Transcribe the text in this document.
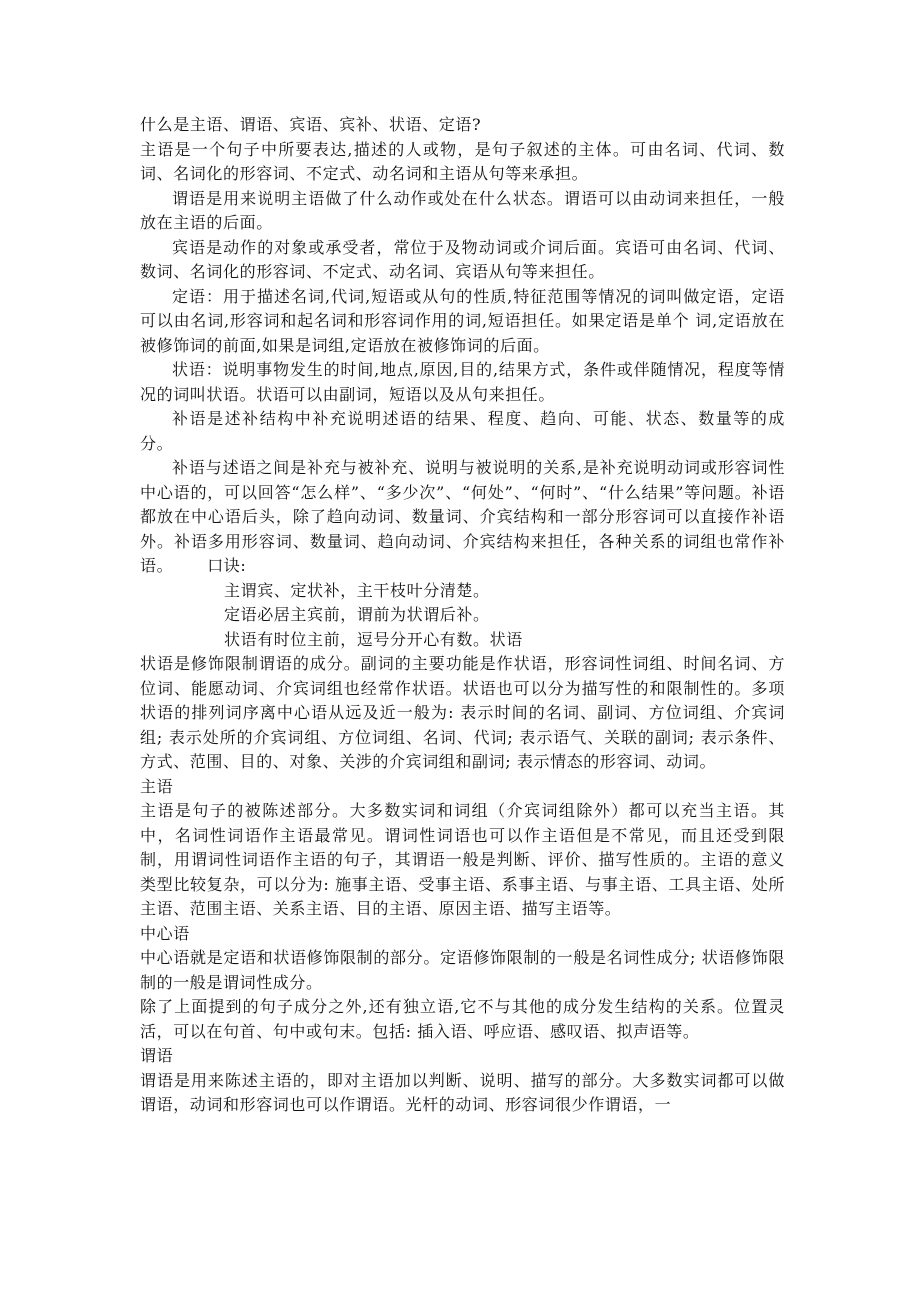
什么是主语、谓语、宾语、宾补、状语、定语?

主语是一个句子中所要表达,描述的人或物，是句子叙述的主体。可由名词、代词、数词、名词化的形容词、不定式、动名词和主语从句等来承担。

谓语是用来说明主语做了什么动作或处在什么状态。谓语可以由动词来担任，一般放在主语的后面。

宾语是动作的对象或承受者，常位于及物动词或介词后面。宾语可由名词、代词、数词、名词化的形容词、不定式、动名词、宾语从句等来担任。

定语：用于描述名词,代词,短语或从句的性质,特征范围等情况的词叫做定语，定语可以由名词,形容词和起名词和形容词作用的词,短语担任。如果定语是单个 词,定语放在被修饰词的前面,如果是词组,定语放在被修饰词的后面。

状语：说明事物发生的时间,地点,原因,目的,结果方式，条件或伴随情况，程度等情况的词叫状语。状语可以由副词，短语以及从句来担任。

补语是述补结构中补充说明述语的结果、程度、趋向、可能、状态、数量等的成分。

补语与述语之间是补充与被补充、说明与被说明的关系,是补充说明动词或形容词性中心语的，可以回答“怎么样”、“多少次”、“何处”、“何时”、“什么结果”等问题。补语都放在中心语后头，除了趋向动词、数量词、介宾结构和一部分形容词可以直接作补语外。补语多用形容词、数量词、趋向动词、介宾结构来担任，各种关系的词组也常作补语。 口诀:

主谓宾、定状补，主干枝叶分清楚。

定语必居主宾前，谓前为状谓后补。

状语有时位主前，逗号分开心有数。状语

状语是修饰限制谓语的成分。副词的主要功能是作状语，形容词性词组、时间名词、方位词、能愿动词、介宾词组也经常作状语。状语也可以分为描写性的和限制性的。多项状语的排列词序离中心语从远及近一般为: 表示时间的名词、副词、方位词组、介宾词组; 表示处所的介宾词组、方位词组、名词、代词; 表示语气、关联的副词; 表示条件、方式、范围、目的、对象、关涉的介宾词组和副词; 表示情态的形容词、动词。

主语

主语是句子的被陈述部分。大多数实词和词组（介宾词组除外）都可以充当主语。其中，名词性词语作主语最常见。谓词性词语也可以作主语但是不常见，而且还受到限制，用谓词性词语作主语的句子，其谓语一般是判断、评价、描写性质的。主语的意义类型比较复杂，可以分为: 施事主语、受事主语、系事主语、与事主语、工具主语、处所主语、范围主语、关系主语、目的主语、原因主语、描写主语等。

中心语

中心语就是定语和状语修饰限制的部分。定语修饰限制的一般是名词性成分; 状语修饰限制的一般是谓词性成分。

除了上面提到的句子成分之外,还有独立语,它不与其他的成分发生结构的关系。位置灵活，可以在句首、句中或句末。包括: 插入语、呼应语、感叹语、拟声语等。

谓语

谓语是用来陈述主语的，即对主语加以判断、说明、描写的部分。大多数实词都可以做谓语，动词和形容词也可以作谓语。光杆的动词、形容词很少作谓语，一
